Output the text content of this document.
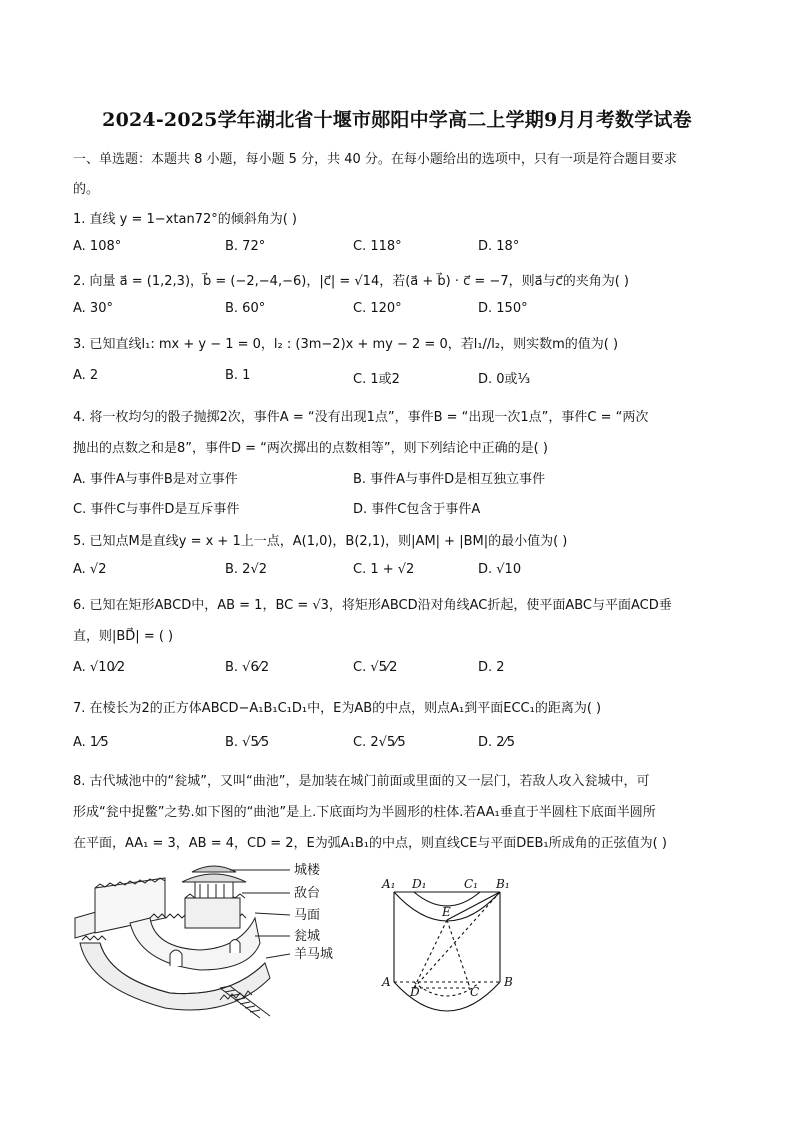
2024-2025学年湖北省十堰市郧阳中学高二上学期9月月考数学试卷
一、单选题：本题共 8 小题，每小题 5 分，共 40 分。在每小题给出的选项中，只有一项是符合题目要求
的。
1. 直线 y = 1−xtan72°的倾斜角为( )
A. 108°	B. 72°	C. 118°	D. 18°
2. 向量 a⃗ = (1,2,3)，b⃗ = (−2,−4,−6)，|c⃗| = √14，若(a⃗ + b⃗) · c⃗ = −7，则a⃗与c⃗的夹角为( )
A. 30°	B. 60°	C. 120°	D. 150°
3. 已知直线l₁: mx + y − 1 = 0，l₂ : (3m−2)x + my − 2 = 0，若l₁//l₂，则实数m的值为( )
A. 2	B. 1	C. 1或2	D. 0或⅓
4. 将一枚均匀的骰子抛掷2次，事件A = “没有出现1点”，事件B = “出现一次1点”，事件C = “两次
抛出的点数之和是8”，事件D = “两次掷出的点数相等”，则下列结论中正确的是( )
A. 事件A与事件B是对立事件	B. 事件A与事件D是相互独立事件
C. 事件C与事件D是互斥事件	D. 事件C包含于事件A
5. 已知点M是直线y = x + 1上一点，A(1,0)，B(2,1)，则|AM| + |BM|的最小值为( )
A. √2	B. 2√2	C. 1 + √2	D. √10
6. 已知在矩形ABCD中，AB = 1，BC = √3，将矩形ABCD沿对角线AC折起，使平面ABC与平面ACD垂
直，则|BD⃗| = ( )
A. √10⁄2	B. √6⁄2	C. √5⁄2	D. 2
7. 在棱长为2的正方体ABCD−A₁B₁C₁D₁中，E为AB的中点，则点A₁到平面ECC₁的距离为( )
A. 1⁄5	B. √5⁄5	C. 2√5⁄5	D. 2⁄5
8. 古代城池中的“瓮城”，又叫“曲池”，是加装在城门前面或里面的又一层门，若敌人攻入瓮城中，可
形成“瓮中捉鳖”之势.如下图的“曲池”是上.下底面均为半圆形的柱体.若AA₁垂直于半圆柱下底面半圆所
在平面，AA₁ = 3，AB = 4，CD = 2，E为弧A₁B₁的中点，则直线CE与平面DEB₁所成角的正弦值为( )
城楼
敌台
马面
瓮城
羊马城
A₁ D₁	C₁ B₁
E
A
D	C
B
